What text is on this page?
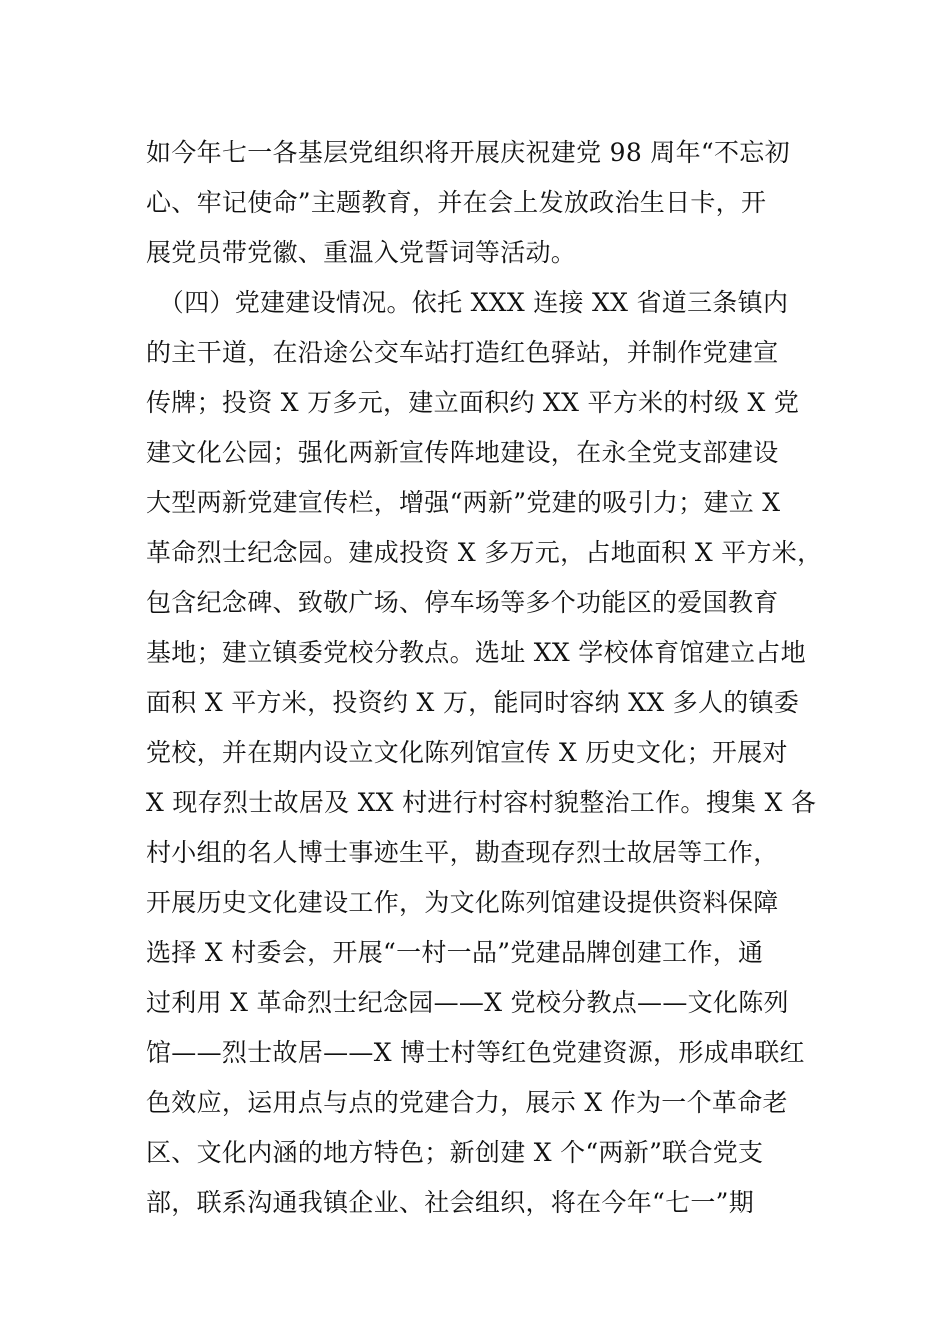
如今年七一各基层党组织将开展庆祝建党 98 周年“不忘初
心、牢记使命”主题教育，并在会上发放政治生日卡，开
展党员带党徽、重温入党誓词等活动。
　（四）党建建设情况。依托 XXX 连接 XX 省道三条镇内
的主干道，在沿途公交车站打造红色驿站，并制作党建宣
传牌；投资 X 万多元，建立面积约 XX 平方米的村级 X 党
建文化公园；强化两新宣传阵地建设，在永全党支部建设
大型两新党建宣传栏，增强“两新”党建的吸引力；建立 X
革命烈士纪念园。建成投资 X 多万元，占地面积 X 平方米，
包含纪念碑、致敬广场、停车场等多个功能区的爱国教育
基地；建立镇委党校分教点。选址 XX 学校体育馆建立占地
面积 X 平方米，投资约 X 万，能同时容纳 XX 多人的镇委
党校，并在期内设立文化陈列馆宣传 X 历史文化；开展对
X 现存烈士故居及 XX 村进行村容村貌整治工作。搜集 X 各
村小组的名人博士事迹生平，勘查现存烈士故居等工作，
开展历史文化建设工作，为文化陈列馆建设提供资料保障
选择 X 村委会，开展“一村一品”党建品牌创建工作，通
过利用 X 革命烈士纪念园——X 党校分教点——文化陈列
馆——烈士故居——X 博士村等红色党建资源，形成串联红
色效应，运用点与点的党建合力，展示 X 作为一个革命老
区、文化内涵的地方特色；新创建 X 个“两新”联合党支
部，联系沟通我镇企业、社会组织，将在今年“七一”期
